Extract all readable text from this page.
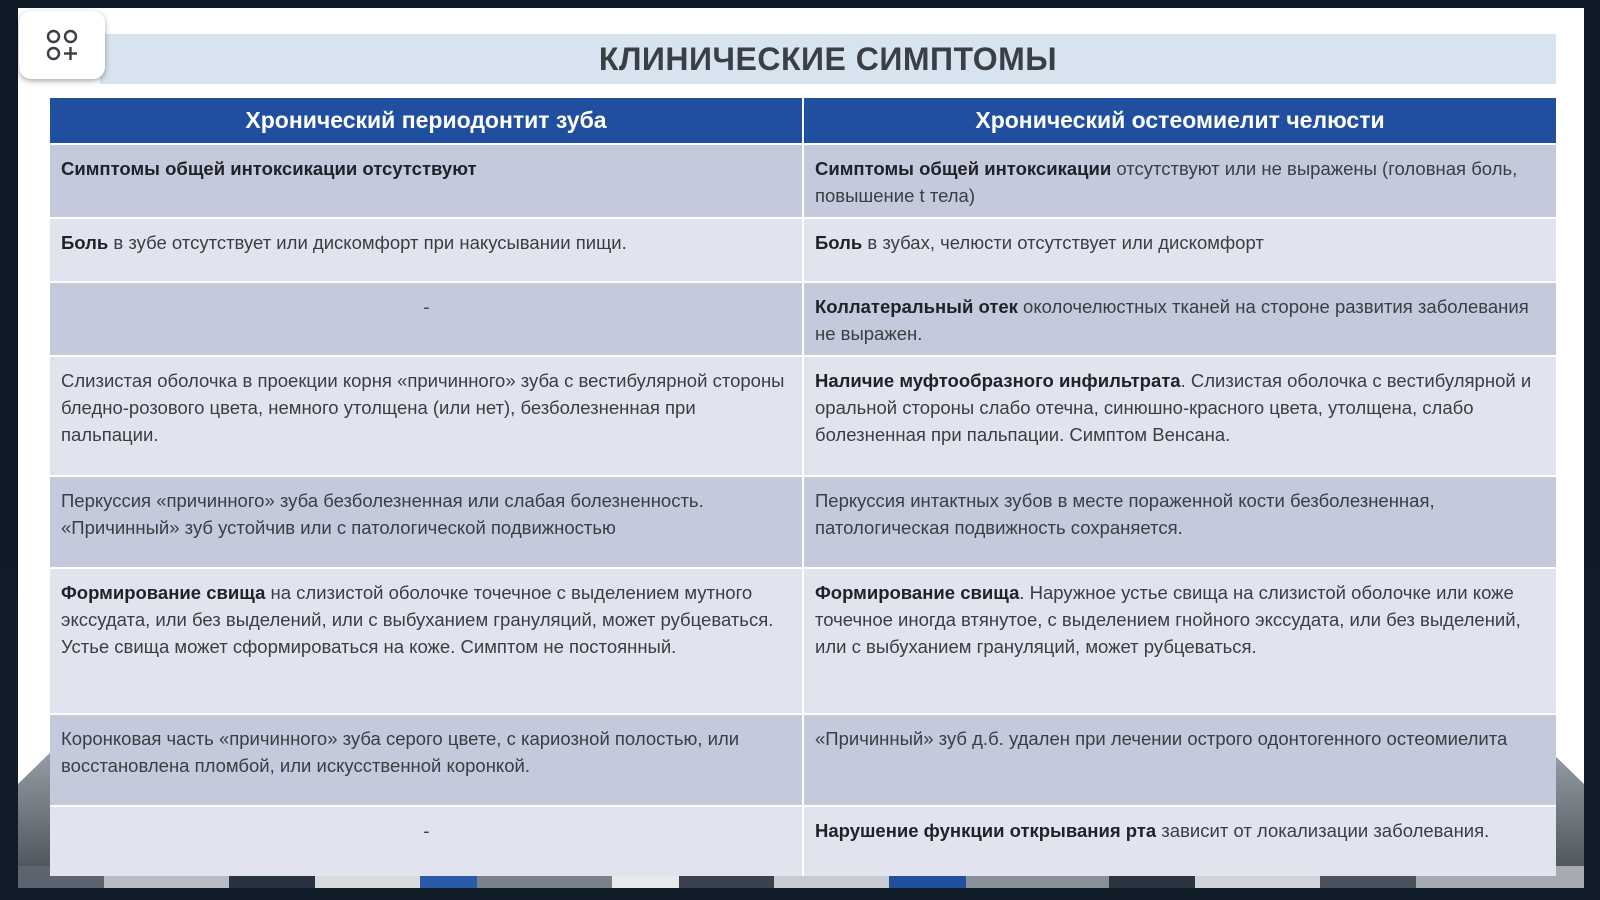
КЛИНИЧЕСКИЕ СИМПТОМЫ
Хронический периодонтит зуба	Хронический остеомиелит челюсти
Симптомы общей интоксикации отсутствуют	Симптомы общей интоксикации отсутствуют или не выражены (головная боль, повышение t тела)
Боль в зубе отсутствует или дискомфорт при накусывании пищи.	Боль в зубах, челюсти отсутствует или дискомфорт
-	Коллатеральный отек околочелюстных тканей на стороне развития заболевания не выражен.
Слизистая оболочка в проекции корня «причинного» зуба с вестибулярной стороны бледно-розового цвета, немного утолщена (или нет), безболезненная при пальпации.	Наличие муфтообразного инфильтрата. Слизистая оболочка с вестибулярной и оральной стороны слабо отечна, синюшно-красного цвета, утолщена, слабо болезненная при пальпации. Симптом Венсана.
Перкуссия «причинного» зуба безболезненная или слабая болезненность. «Причинный» зуб устойчив или с патологической подвижностью	Перкуссия интактных зубов в месте пораженной кости безболезненная, патологическая подвижность сохраняется.
Формирование свища на слизистой оболочке точечное с выделением мутного экссудата, или без выделений, или с выбуханием грануляций, может рубцеваться. Устье свища может сформироваться на коже. Симптом не постоянный.	Формирование свища. Наружное устье свища на слизистой оболочке или коже точечное иногда втянутое, с выделением гнойного экссудата, или без выделений, или с выбуханием грануляций, может рубцеваться.
Коронковая часть «причинного» зуба серого цвете, с кариозной полостью, или восстановлена пломбой, или искусственной коронкой.	«Причинный» зуб д.б. удален при лечении острого одонтогенного остеомиелита
-	Нарушение функции открывания рта зависит от локализации заболевания.
